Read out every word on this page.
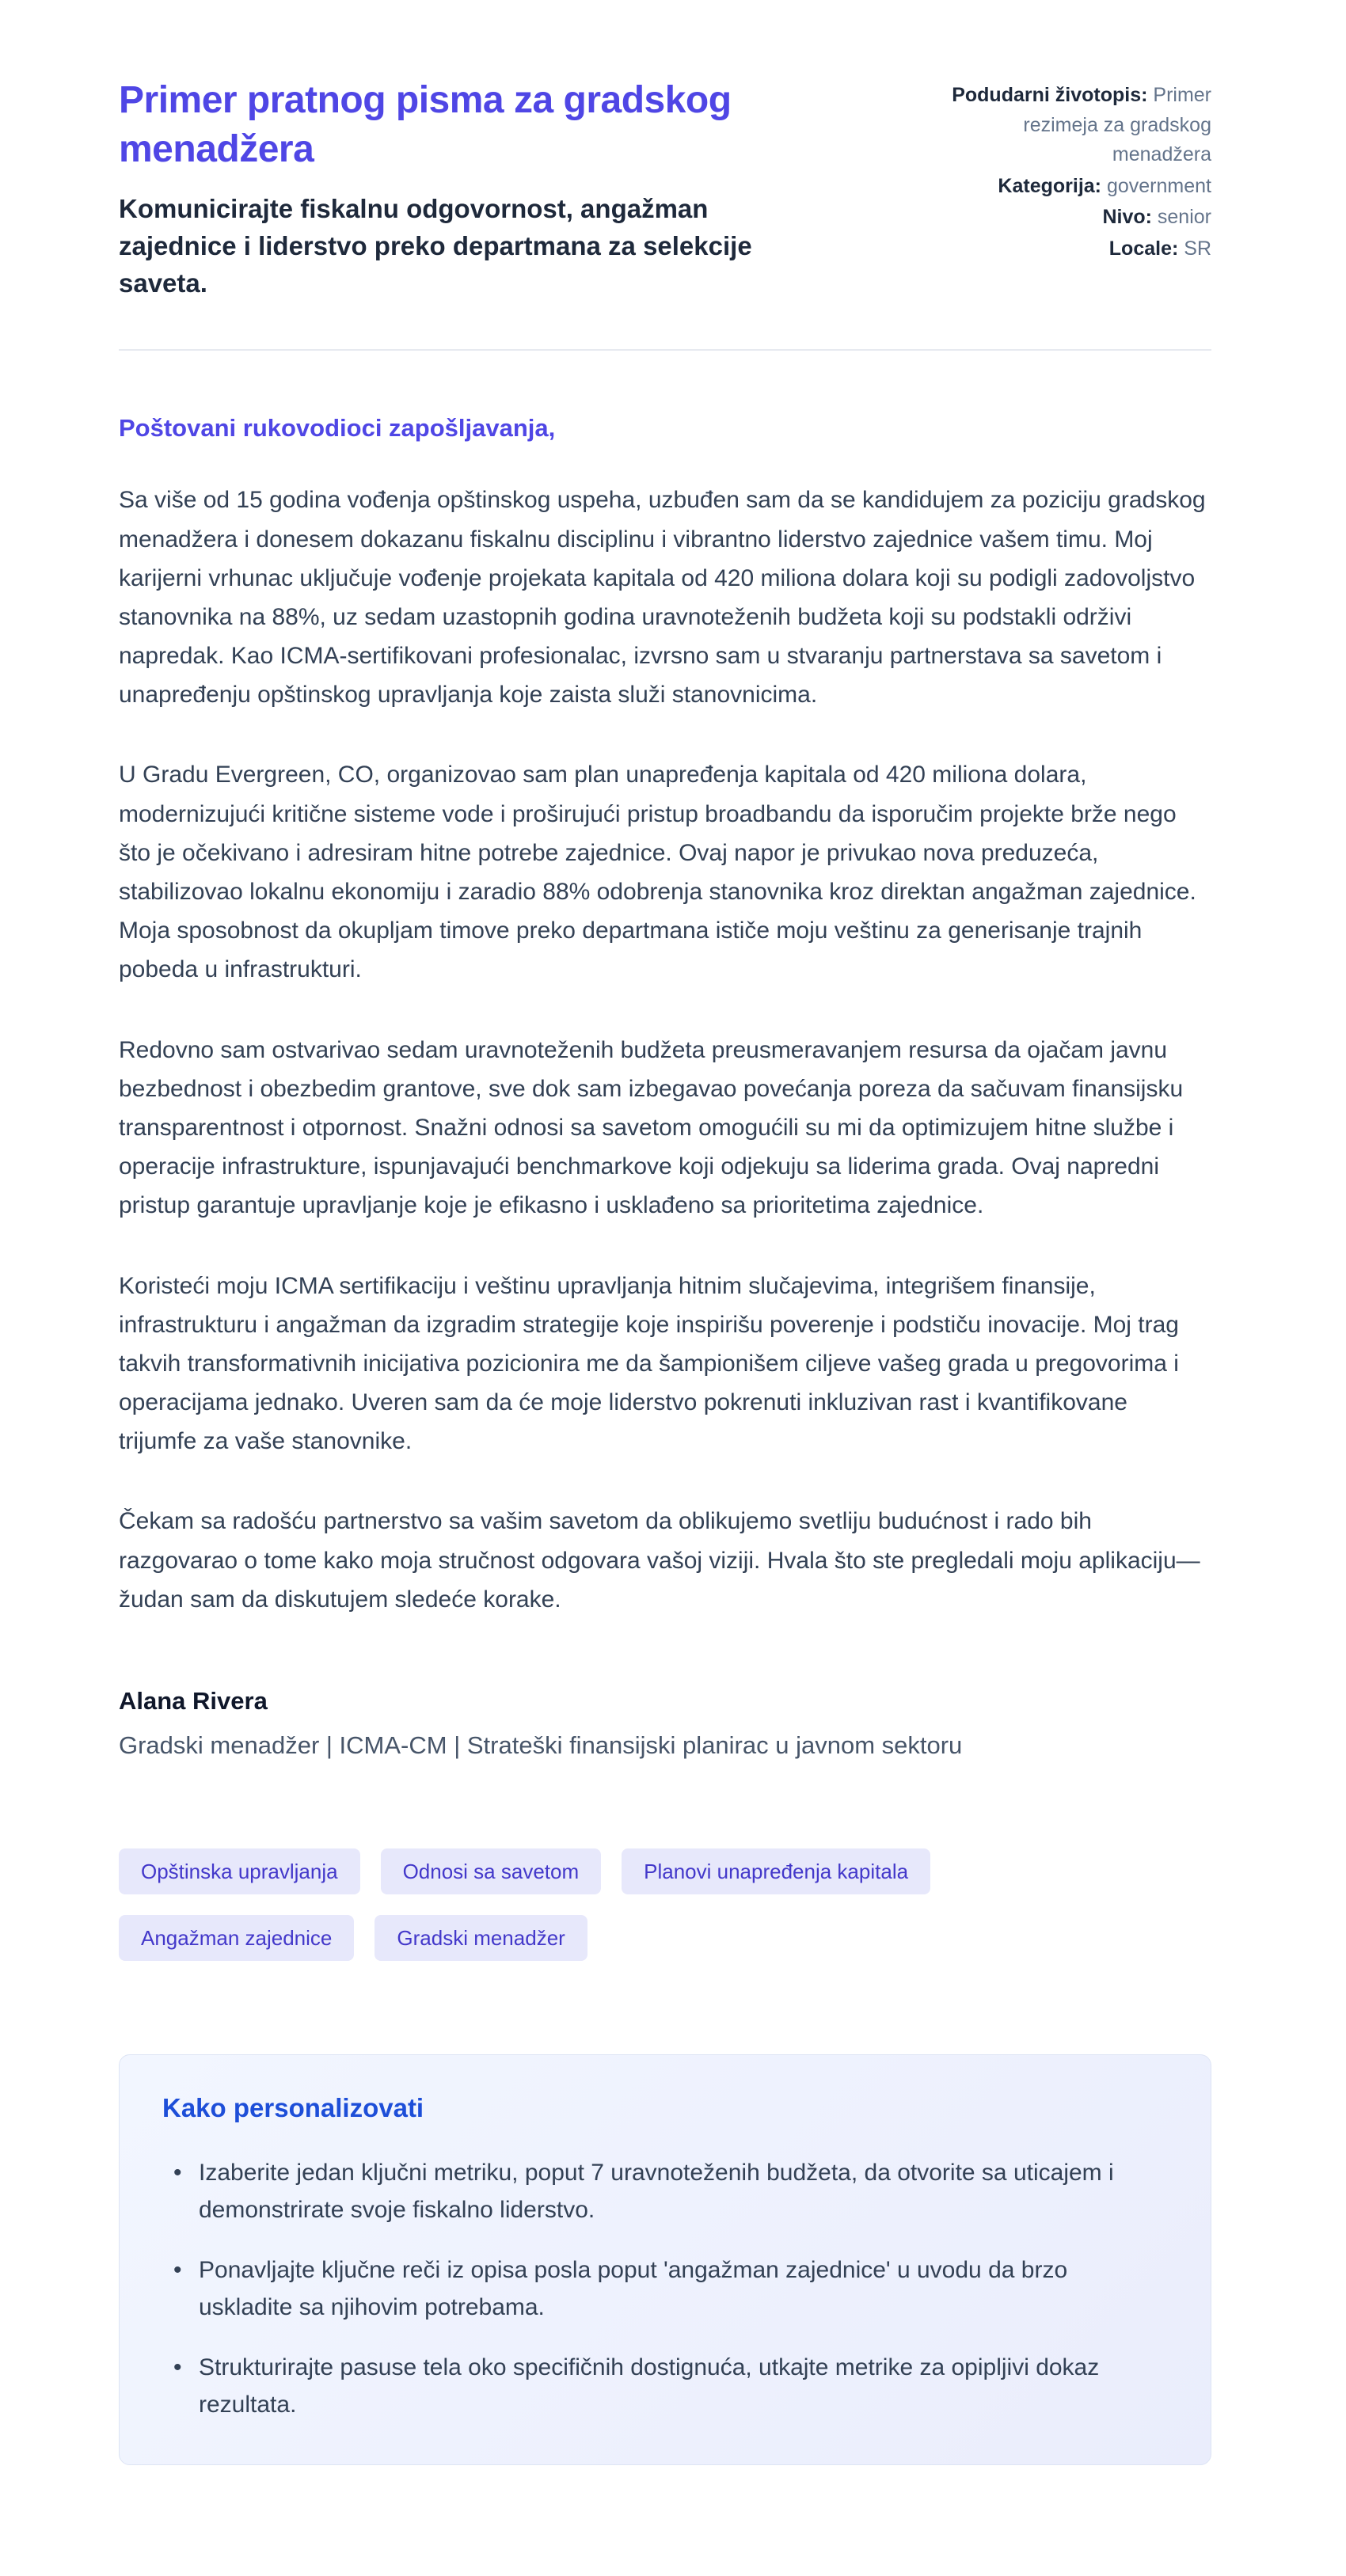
Primer pratnog pisma za gradskog menadžera

Komunicirajte fiskalnu odgovornost, angažman zajednice i liderstvo preko departmana za selekcije saveta.

Podudarni životopis: Primer rezimeja za gradskog menadžera
Kategorija: government
Nivo: senior
Locale: SR

Poštovani rukovodioci zapošljavanja,

Sa više od 15 godina vođenja opštinskog uspeha, uzbuđen sam da se kandidujem za poziciju gradskog menadžera i donesem dokazanu fiskalnu disciplinu i vibrantno liderstvo zajednice vašem timu. Moj karijerni vrhunac uključuje vođenje projekata kapitala od 420 miliona dolara koji su podigli zadovoljstvo stanovnika na 88%, uz sedam uzastopnih godina uravnoteženih budžeta koji su podstakli održivi napredak. Kao ICMA-sertifikovani profesionalac, izvrsno sam u stvaranju partnerstava sa savetom i unapređenju opštinskog upravljanja koje zaista služi stanovnicima.

U Gradu Evergreen, CO, organizovao sam plan unapređenja kapitala od 420 miliona dolara, modernizujući kritične sisteme vode i proširujući pristup broadbandu da isporučim projekte brže nego što je očekivano i adresiram hitne potrebe zajednice. Ovaj napor je privukao nova preduzeća, stabilizovao lokalnu ekonomiju i zaradio 88% odobrenja stanovnika kroz direktan angažman zajednice. Moja sposobnost da okupljam timove preko departmana ističe moju veštinu za generisanje trajnih pobeda u infrastrukturi.

Redovno sam ostvarivao sedam uravnoteženih budžeta preusmeravanjem resursa da ojačam javnu bezbednost i obezbedim grantove, sve dok sam izbegavao povećanja poreza da sačuvam finansijsku transparentnost i otpornost. Snažni odnosi sa savetom omogućili su mi da optimizujem hitne službe i operacije infrastrukture, ispunjavajući benchmarkove koji odjekuju sa liderima grada. Ovaj napredni pristup garantuje upravljanje koje je efikasno i usklađeno sa prioritetima zajednice.

Koristeći moju ICMA sertifikaciju i veštinu upravljanja hitnim slučajevima, integrišem finansije, infrastrukturu i angažman da izgradim strategije koje inspirišu poverenje i podstiču inovacije. Moj trag takvih transformativnih inicijativa pozicionira me da šampionišem ciljeve vašeg grada u pregovorima i operacijama jednako. Uveren sam da će moje liderstvo pokrenuti inkluzivan rast i kvantifikovane trijumfe za vaše stanovnike.

Čekam sa radošću partnerstvo sa vašim savetom da oblikujemo svetliju budućnost i rado bih razgovarao o tome kako moja stručnost odgovara vašoj viziji. Hvala što ste pregledali moju aplikaciju—žudan sam da diskutujem sledeće korake.

Alana Rivera
Gradski menadžer | ICMA-CM | Strateški finansijski planirac u javnom sektoru
Opštinska upravljanja	Odnosi sa savetom	Planovi unapređenja kapitala
Angažman zajednice	Gradski menadžer
Kako personalizovati
• Izaberite jedan ključni metriku, poput 7 uravnoteženih budžeta, da otvorite sa uticajem i demonstrirate svoje fiskalno liderstvo.
• Ponavljajte ključne reči iz opisa posla poput 'angažman zajednice' u uvodu da brzo uskladite sa njihovim potrebama.
• Strukturirajte pasuse tela oko specifičnih dostignuća, utkajte metrike za opipljivi dokaz rezultata.
